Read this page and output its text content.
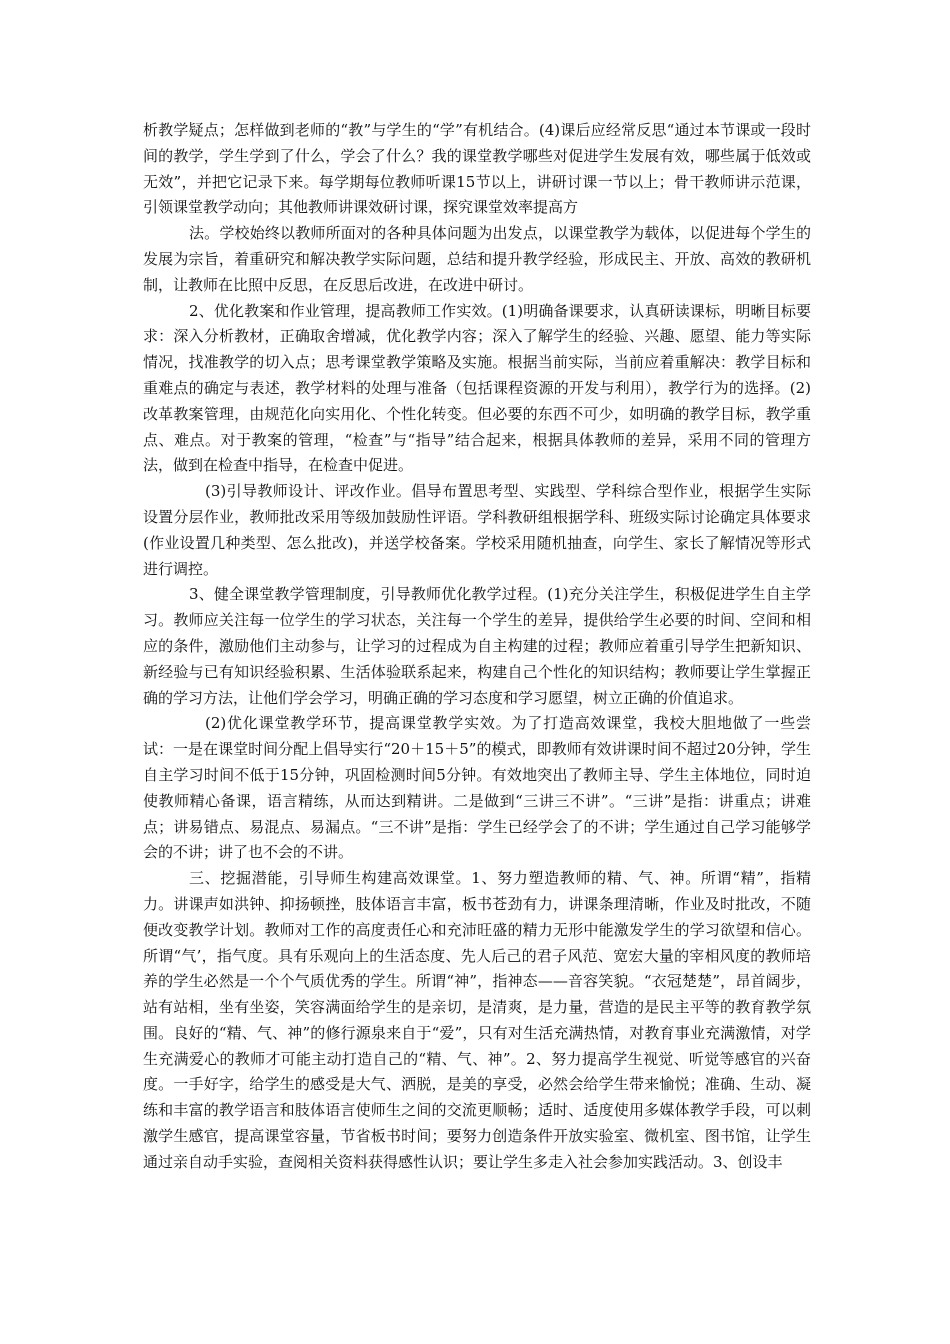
析教学疑点；怎样做到老师的“教”与学生的“学”有机结合。(4)课后应经常反思“通过本节课或一段时间的教学，学生学到了什么，学会了什么？我的课堂教学哪些对促进学生发展有效，哪些属于低效或无效”，并把它记录下来。每学期每位教师听课15节以上，讲研讨课一节以上；骨干教师讲示范课，引领课堂教学动向；其他教师讲课效研讨课，探究课堂效率提高方

法。学校始终以教师所面对的各种具体问题为出发点，以课堂教学为载体，以促进每个学生的发展为宗旨，着重研究和解决教学实际问题，总结和提升教学经验，形成民主、开放、高效的教研机制，让教师在比照中反思，在反思后改进，在改进中研讨。

2、优化教案和作业管理，提高教师工作实效。(1)明确备课要求，认真研读课标，明晰目标要求：深入分析教材，正确取舍增减，优化教学内容；深入了解学生的经验、兴趣、愿望、能力等实际情况，找准教学的切入点；思考课堂教学策略及实施。根据当前实际，当前应着重解决：教学目标和重难点的确定与表述，教学材料的处理与准备（包括课程资源的开发与利用），教学行为的选择。(2)改革教案管理，由规范化向实用化、个性化转变。但必要的东西不可少，如明确的教学目标，教学重点、难点。对于教案的管理，“检查”与“指导”结合起来，根据具体教师的差异，采用不同的管理方法，做到在检查中指导，在检查中促进。

(3)引导教师设计、评改作业。倡导布置思考型、实践型、学科综合型作业，根据学生实际设置分层作业，教师批改采用等级加鼓励性评语。学科教研组根据学科、班级实际讨论确定具体要求(作业设置几种类型、怎么批改)，并送学校备案。学校采用随机抽查，向学生、家长了解情况等形式进行调控。

3、健全课堂教学管理制度，引导教师优化教学过程。(1)充分关注学生，积极促进学生自主学习。教师应关注每一位学生的学习状态，关注每一个学生的差异，提供给学生必要的时间、空间和相应的条件，激励他们主动参与，让学习的过程成为自主构建的过程；教师应着重引导学生把新知识、新经验与已有知识经验积累、生活体验联系起来，构建自己个性化的知识结构；教师要让学生掌握正确的学习方法，让他们学会学习，明确正确的学习态度和学习愿望，树立正确的价值追求。

(2)优化课堂教学环节，提高课堂教学实效。为了打造高效课堂，我校大胆地做了一些尝试：一是在课堂时间分配上倡导实行“20＋15＋5”的模式，即教师有效讲课时间不超过20分钟，学生自主学习时间不低于15分钟，巩固检测时间5分钟。有效地突出了教师主导、学生主体地位，同时迫使教师精心备课，语言精练，从而达到精讲。二是做到“三讲三不讲”。“三讲”是指：讲重点；讲难点；讲易错点、易混点、易漏点。“三不讲”是指：学生已经学会了的不讲；学生通过自己学习能够学会的不讲；讲了也不会的不讲。

三、挖掘潜能，引导师生构建高效课堂。1、努力塑造教师的精、气、神。所谓“精”，指精力。讲课声如洪钟、抑扬顿挫，肢体语言丰富，板书苍劲有力，讲课条理清晰，作业及时批改，不随便改变教学计划。教师对工作的高度责任心和充沛旺盛的精力无形中能激发学生的学习欲望和信心。所谓“气’，指气度。具有乐观向上的生活态度、先人后己的君子风范、宽宏大量的宰相风度的教师培养的学生必然是一个个气质优秀的学生。所谓“神”，指神态——音容笑貌。“衣冠楚楚”，昂首阔步，站有站相，坐有坐姿，笑容满面给学生的是亲切，是清爽，是力量，营造的是民主平等的教育教学氛围。良好的“精、气、神”的修行源泉来自于“爱”，只有对生活充满热情，对教育事业充满激情，对学生充满爱心的教师才可能主动打造自己的“精、气、神”。2、努力提高学生视觉、听觉等感官的兴奋度。一手好字，给学生的感受是大气、洒脱，是美的享受，必然会给学生带来愉悦；准确、生动、凝练和丰富的教学语言和肢体语言使师生之间的交流更顺畅；适时、适度使用多媒体教学手段，可以刺激学生感官，提高课堂容量，节省板书时间；要努力创造条件开放实验室、微机室、图书馆，让学生通过亲自动手实验，查阅相关资料获得感性认识；要让学生多走入社会参加实践活动。3、创设丰
